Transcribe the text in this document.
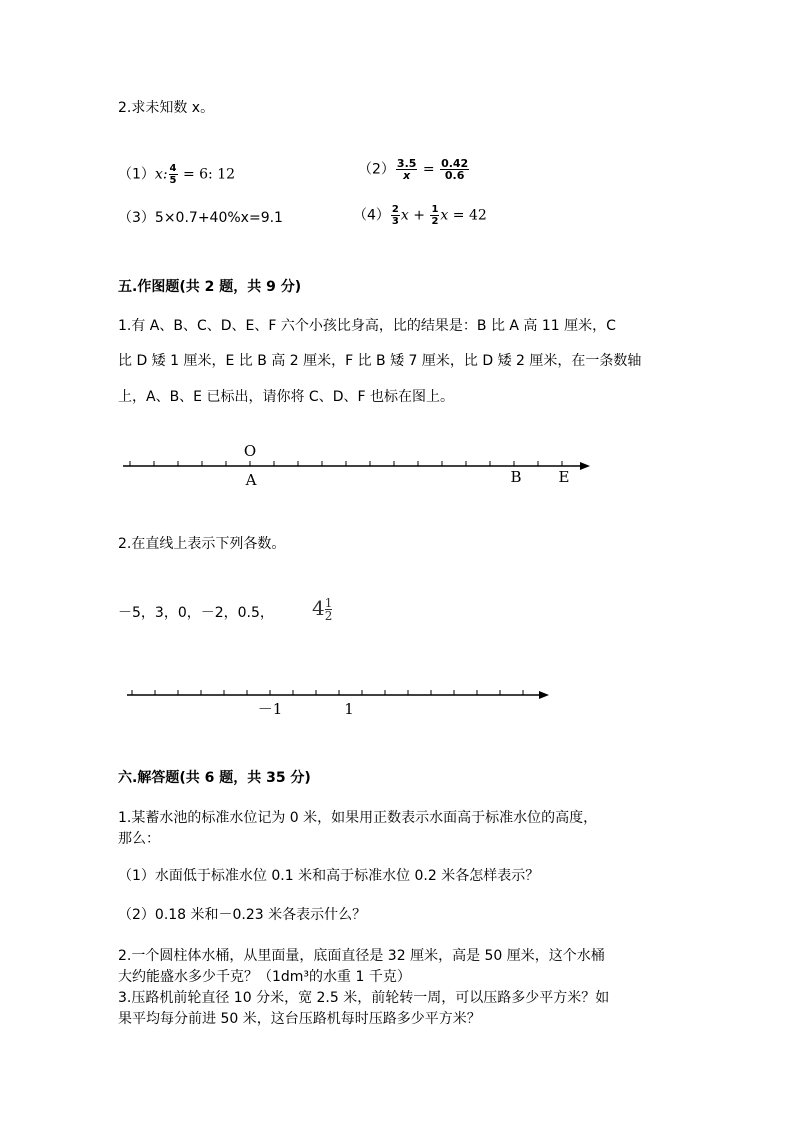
2.求未知数 x。
（1）x: $\frac{4}{5} = 6$: 12	$(2) \frac{3.5}{x} = \frac{0.42}{0.6}$
（3）5×0.7+40%x=9.1	$(4) \frac{2}{3}$ $x + \frac{1}{2}$ x = 42
五.作图题(共 2 题，共 9 分)
1.有 A、B、C、D、E、F 六个小孩比身高，比的结果是：B 比 A 高 11 厘米，C
比 D 矮 1 厘米，E 比 B 高 2 厘米，F 比 B 矮 7 厘米，比 D 矮 2 厘米，在一条数轴
上，A、B、E 已标出，请你将 C、D、F 也标在图上。
O
A	B E
2.在直线上表示下列各数。
－5，3，0，－2，0.5， $4 \frac{1}{2}$
－1	1
六.解答题(共 6 题，共 35 分)
1.某蓄水池的标准水位记为 0 米，如果用正数表示水面高于标准水位的高度，
那么：
（1）水面低于标准水位 0.1 米和高于标准水位 0.2 米各怎样表示？
（2）0.18 米和－0.23 米各表示什么？
2.一个圆柱体水桶，从里面量，底面直径是 32 厘米，高是 50 厘米，这个水桶
大约能盛水多少千克？（1dm³的水重 1 千克）
3.压路机前轮直径 10 分米，宽 2.5 米，前轮转一周，可以压路多少平方米？如
果平均每分前进 50 米，这台压路机每时压路多少平方米？
